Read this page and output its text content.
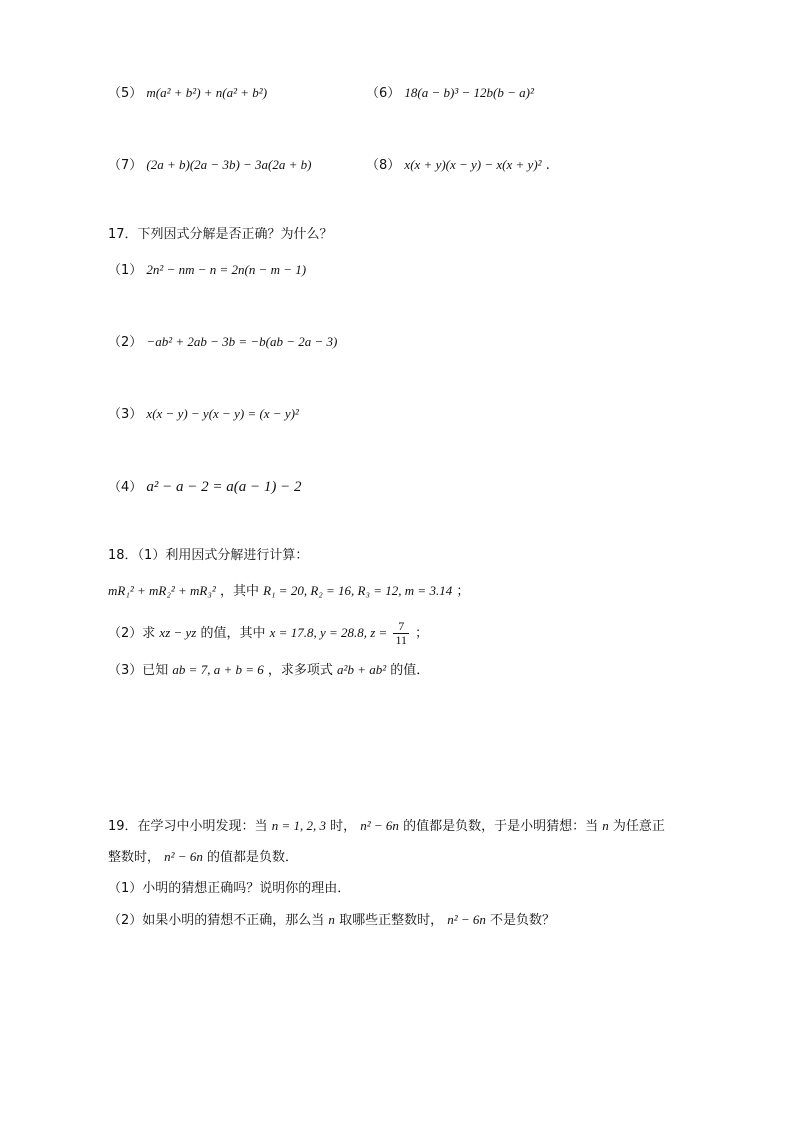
（5） m(a² + b²) + n(a² + b²)	（6） 18(a − b)³ − 12b(b − a)²
（7） (2a + b)(2a − 3b) − 3a(2a + b)	（8） x(x + y)(x − y) − x(x + y)² .
17．下列因式分解是否正确？为什么？
（1） 2n² − nm − n = 2n(n − m − 1)
（2） −ab² + 2ab − 3b = −b(ab − 2a − 3)
（3） x(x − y) − y(x − y) = (x − y)²
（4） a² − a − 2 = a(a − 1) − 2
18．（1）利用因式分解进行计算：
mR₁² + mR₂² + mR₃² ，其中 R₁ = 20, R₂ = 16, R₃ = 12, m = 3.14 ；
（2）求 xz − yz 的值，其中 x = 17.8, y = 28.8, $z = \frac{7}{11}$ ；
（3）已知 ab = 7, a + b = 6 ，求多项式 a²b + ab² 的值．
19．在学习中小明发现：当 n = 1, 2, 3 时， n² − 6n 的值都是负数，于是小明猜想：当 n 为任意正
整数时， n² − 6n 的值都是负数．
（1）小明的猜想正确吗？说明你的理由．
（2）如果小明的猜想不正确，那么当 n 取哪些正整数时， n² − 6n 不是负数？
